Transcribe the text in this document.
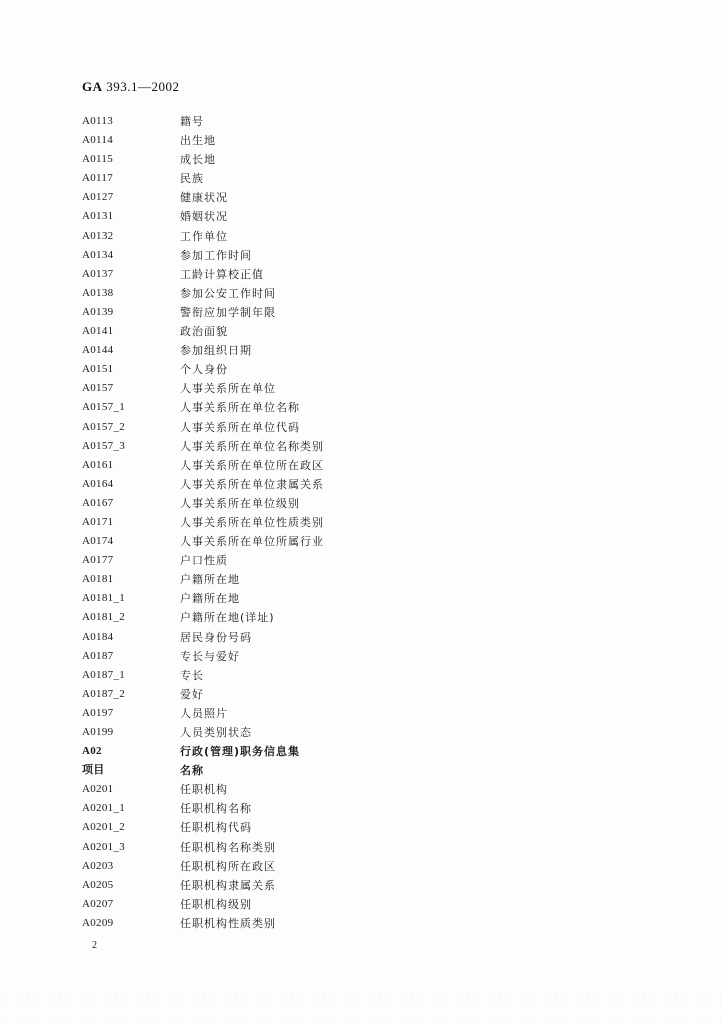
GA 393.1—2002
A0113	籍号
A0114	出生地
A0115	成长地
A0117	民族
A0127	健康状况
A0131	婚姻状况
A0132	工作单位
A0134	参加工作时间
A0137	工龄计算校正值
A0138	参加公安工作时间
A0139	警衔应加学制年限
A0141	政治面貌
A0144	参加组织日期
A0151	个人身份
A0157	人事关系所在单位
A0157_1	人事关系所在单位名称
A0157_2	人事关系所在单位代码
A0157_3	人事关系所在单位名称类别
A0161	人事关系所在单位所在政区
A0164	人事关系所在单位隶属关系
A0167	人事关系所在单位级别
A0171	人事关系所在单位性质类别
A0174	人事关系所在单位所属行业
A0177	户口性质
A0181	户籍所在地
A0181_1	户籍所在地
A0181_2	户籍所在地(详址)
A0184	居民身份号码
A0187	专长与爱好
A0187_1	专长
A0187_2	爱好
A0197	人员照片
A0199	人员类别状态
A02	行政(管理)职务信息集
项目	名称
A0201	任职机构
A0201_1	任职机构名称
A0201_2	任职机构代码
A0201_3	任职机构名称类别
A0203	任职机构所在政区
A0205	任职机构隶属关系
A0207	任职机构级别
A0209	任职机构性质类别
2
